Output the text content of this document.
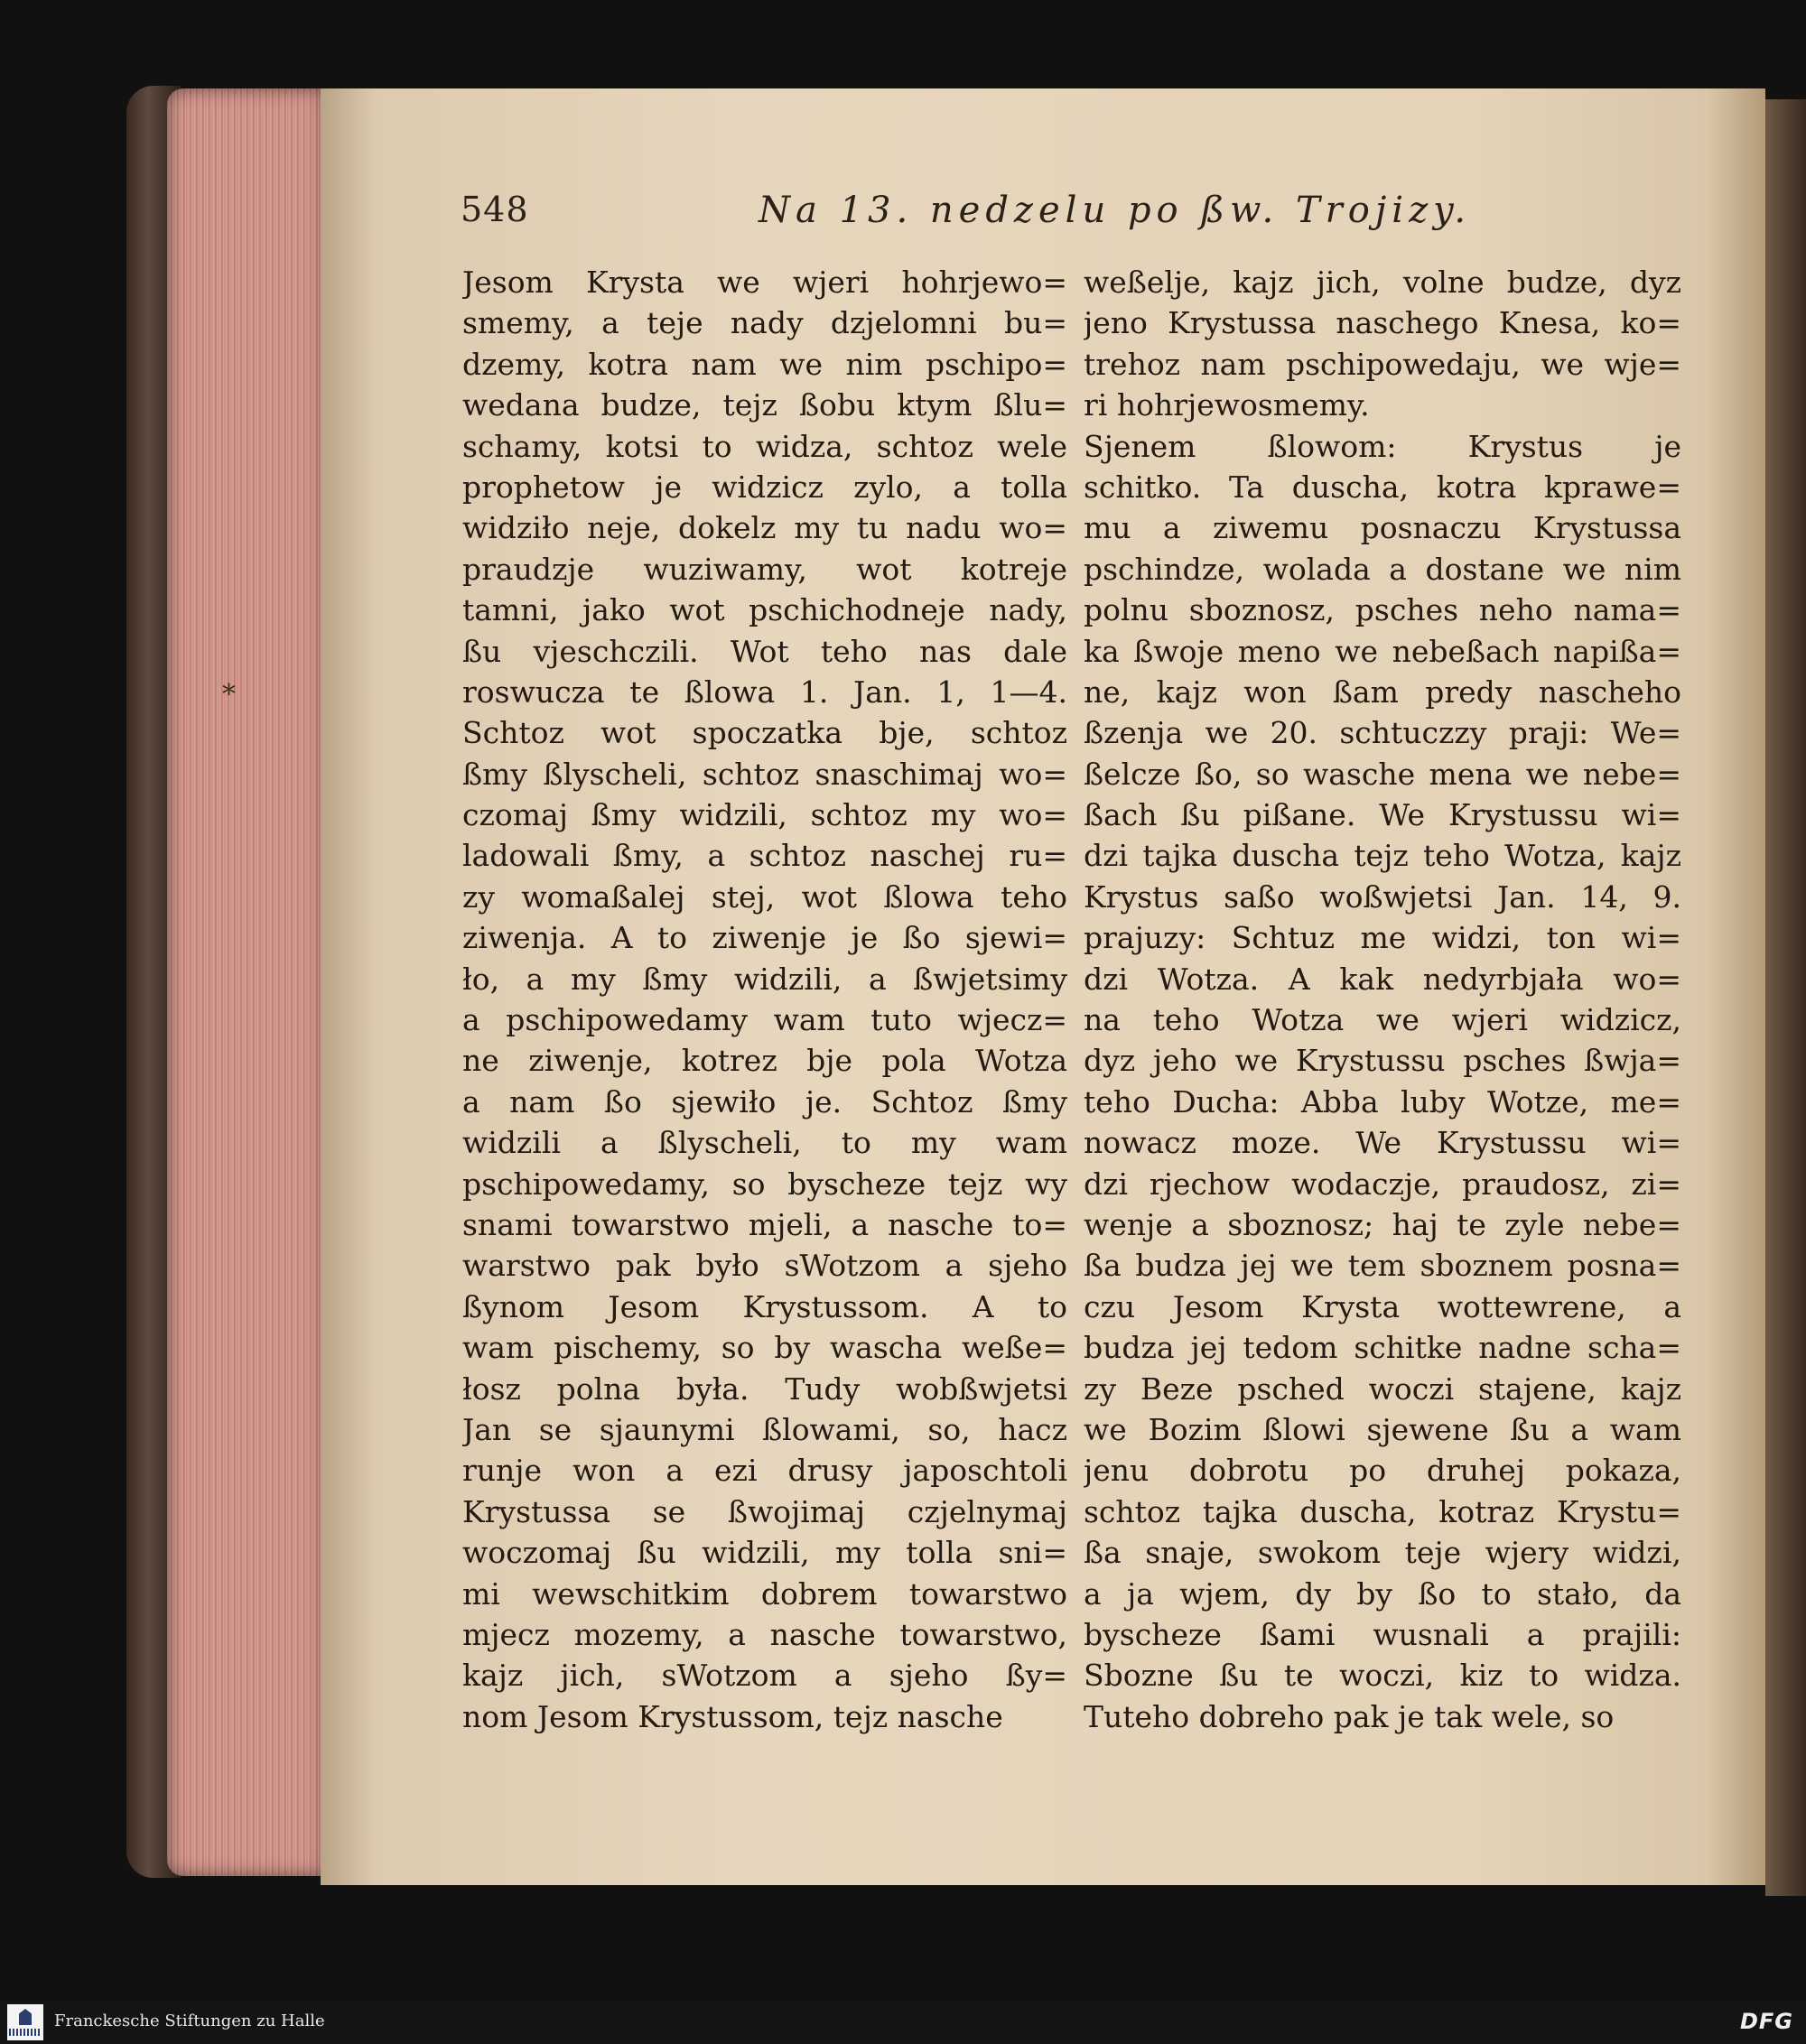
*
548	Na 13. nedzelu po ßw. Trojizy.
Jesom Krysta we wjeri hohrjewo=
smemy, a teje nady dzjelomni bu=
dzemy, kotra nam we nim pschipo=
wedana budze, tejz ßobu ktym ßlu=
schamy, kotsi to widza, schtoz wele
prophetow je widzicz zylo, a tolla
widziło neje, dokelz my tu nadu wo=
praudzje wuziwamy, wot kotreje
tamni, jako wot pschichodneje nady,
ßu vjeschczili. Wot teho nas dale
roswucza te ßlowa 1. Jan. 1, 1—4.
Schtoz wot spoczatka bje, schtoz
ßmy ßlyscheli, schtoz snaschimaj wo=
czomaj ßmy widzili, schtoz my wo=
ladowali ßmy, a schtoz naschej ru=
zy womaßalej stej, wot ßlowa teho
ziwenja. A to ziwenje je ßo sjewi=
ło, a my ßmy widzili, a ßwjetsimy
a pschipowedamy wam tuto wjecz=
ne ziwenje, kotrez bje pola Wotza
a nam ßo sjewiło je. Schtoz ßmy
widzili a ßlyscheli, to my wam
pschipowedamy, so byscheze tejz wy
snami towarstwo mjeli, a nasche to=
warstwo pak było sWotzom a sjeho
ßynom Jesom Krystussom. A to
wam pischemy, so by wascha weße=
łosz polna była. Tudy wobßwjetsi
Jan se sjaunymi ßlowami, so, hacz
runje won a ezi drusy japoschtoli
Krystussa se ßwojimaj czjelnymaj
woczomaj ßu widzili, my tolla sni=
mi wewschitkim dobrem towarstwo
mjecz mozemy, a nasche towarstwo,
kajz jich, sWotzom a sjeho ßy=
nom Jesom Krystussom, tejz nasche
weßelje, kajz jich, volne budze, dyz
jeno Krystussa naschego Knesa, ko=
trehoz nam pschipowedaju, we wje=
ri hohrjewosmemy.
Sjenem ßlowom: Krystus je
schitko. Ta duscha, kotra kprawe=
mu a ziwemu posnaczu Krystussa
pschindze, wolada a dostane we nim
polnu sboznosz, psches neho nama=
ka ßwoje meno we nebeßach napißa=
ne, kajz won ßam predy nascheho
ßzenja we 20. schtuczzy praji: We=
ßelcze ßo, so wasche mena we nebe=
ßach ßu pißane. We Krystussu wi=
dzi tajka duscha tejz teho Wotza, kajz
Krystus saßo woßwjetsi Jan. 14, 9.
prajuzy: Schtuz me widzi, ton wi=
dzi Wotza. A kak nedyrbjała wo=
na teho Wotza we wjeri widzicz,
dyz jeho we Krystussu psches ßwja=
teho Ducha: Abba luby Wotze, me=
nowacz moze. We Krystussu wi=
dzi rjechow wodaczje, praudosz, zi=
wenje a sboznosz; haj te zyle nebe=
ßa budza jej we tem sboznem posna=
czu Jesom Krysta wottewrene, a
budza jej tedom schitke nadne scha=
zy Beze psched woczi stajene, kajz
we Bozim ßlowi sjewene ßu a wam
jenu dobrotu po druhej pokaza,
schtoz tajka duscha, kotraz Krystu=
ßa snaje, swokom teje wjery widzi,
a ja wjem, dy by ßo to stało, da
byscheze ßami wusnali a prajili:
Sbozne ßu te woczi, kiz to widza.
Tuteho dobreho pak je tak wele, so
Franckesche Stiftungen zu Halle	DFG
